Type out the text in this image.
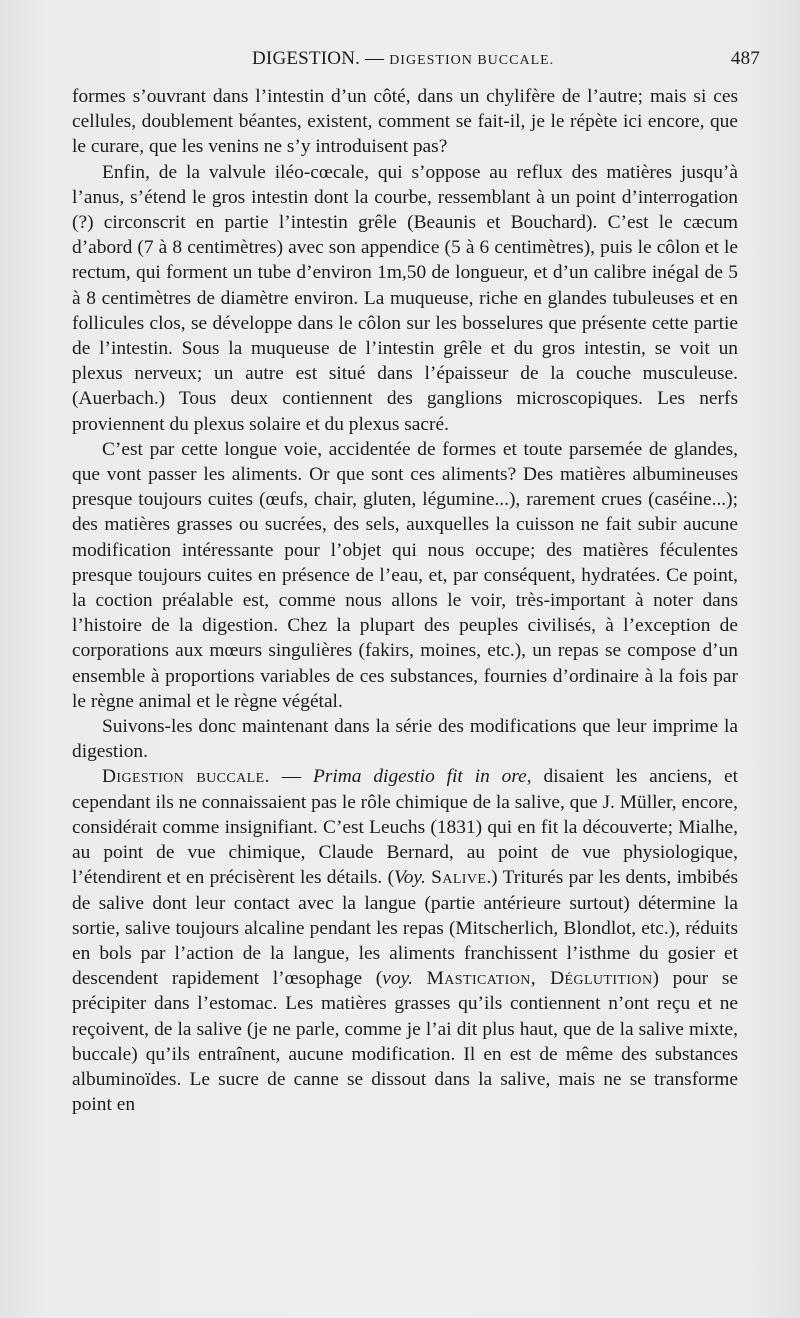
DIGESTION. — DIGESTION BUCCALE.	487

formes s’ouvrant dans l’intestin d’un côté, dans un chylifère de l’autre; mais si ces cellules, doublement béantes, existent, comment se fait-il, je le répète ici encore, que le curare, que les venins ne s’y introduisent pas?

Enfin, de la valvule iléo-cœcale, qui s’oppose au reflux des matières jusqu’à l’anus, s’étend le gros intestin dont la courbe, ressemblant à un point d’interrogation (?) circonscrit en partie l’intestin grêle (Beaunis et Bouchard). C’est le cæcum d’abord (7 à 8 centimètres) avec son appendice (5 à 6 centimètres), puis le côlon et le rectum, qui forment un tube d’environ 1m,50 de longueur, et d’un calibre inégal de 5 à 8 centimètres de diamètre environ. La muqueuse, riche en glandes tubuleuses et en follicules clos, se développe dans le côlon sur les bosselures que présente cette partie de l’intestin. Sous la muqueuse de l’intestin grêle et du gros intestin, se voit un plexus nerveux; un autre est situé dans l’épaisseur de la couche musculeuse. (Auerbach.) Tous deux contiennent des ganglions microscopiques. Les nerfs proviennent du plexus solaire et du plexus sacré.

C’est par cette longue voie, accidentée de formes et toute parsemée de glandes, que vont passer les aliments. Or que sont ces aliments? Des matières albumineuses presque toujours cuites (œufs, chair, gluten, légumine...), rarement crues (caséine...); des matières grasses ou sucrées, des sels, auxquelles la cuisson ne fait subir aucune modification intéressante pour l’objet qui nous occupe; des matières féculentes presque toujours cuites en présence de l’eau, et, par conséquent, hydratées. Ce point, la coction préalable est, comme nous allons le voir, très-important à noter dans l’histoire de la digestion. Chez la plupart des peuples civilisés, à l’exception de corporations aux mœurs singulières (fakirs, moines, etc.), un repas se compose d’un ensemble à proportions variables de ces substances, fournies d’ordinaire à la fois par le règne animal et le règne végétal.

Suivons-les donc maintenant dans la série des modifications que leur imprime la digestion.

Digestion buccale. — Prima digestio fit in ore, disaient les anciens, et cependant ils ne connaissaient pas le rôle chimique de la salive, que J. Müller, encore, considérait comme insignifiant. C’est Leuchs (1831) qui en fit la découverte; Mialhe, au point de vue chimique, Claude Bernard, au point de vue physiologique, l’étendirent et en précisèrent les détails. (Voy. Salive.) Triturés par les dents, imbibés de salive dont leur contact avec la langue (partie antérieure surtout) détermine la sortie, salive toujours alcaline pendant les repas (Mitscherlich, Blondlot, etc.), réduits en bols par l’action de la langue, les aliments franchissent l’isthme du gosier et descendent rapidement l’œsophage (voy. Mastication, Déglutition) pour se précipiter dans l’estomac. Les matières grasses qu’ils contiennent n’ont reçu et ne reçoivent, de la salive (je ne parle, comme je l’ai dit plus haut, que de la salive mixte, buccale) qu’ils entraînent, aucune modification. Il en est de même des substances albuminoïdes. Le sucre de canne se dissout dans la salive, mais ne se transforme point en
